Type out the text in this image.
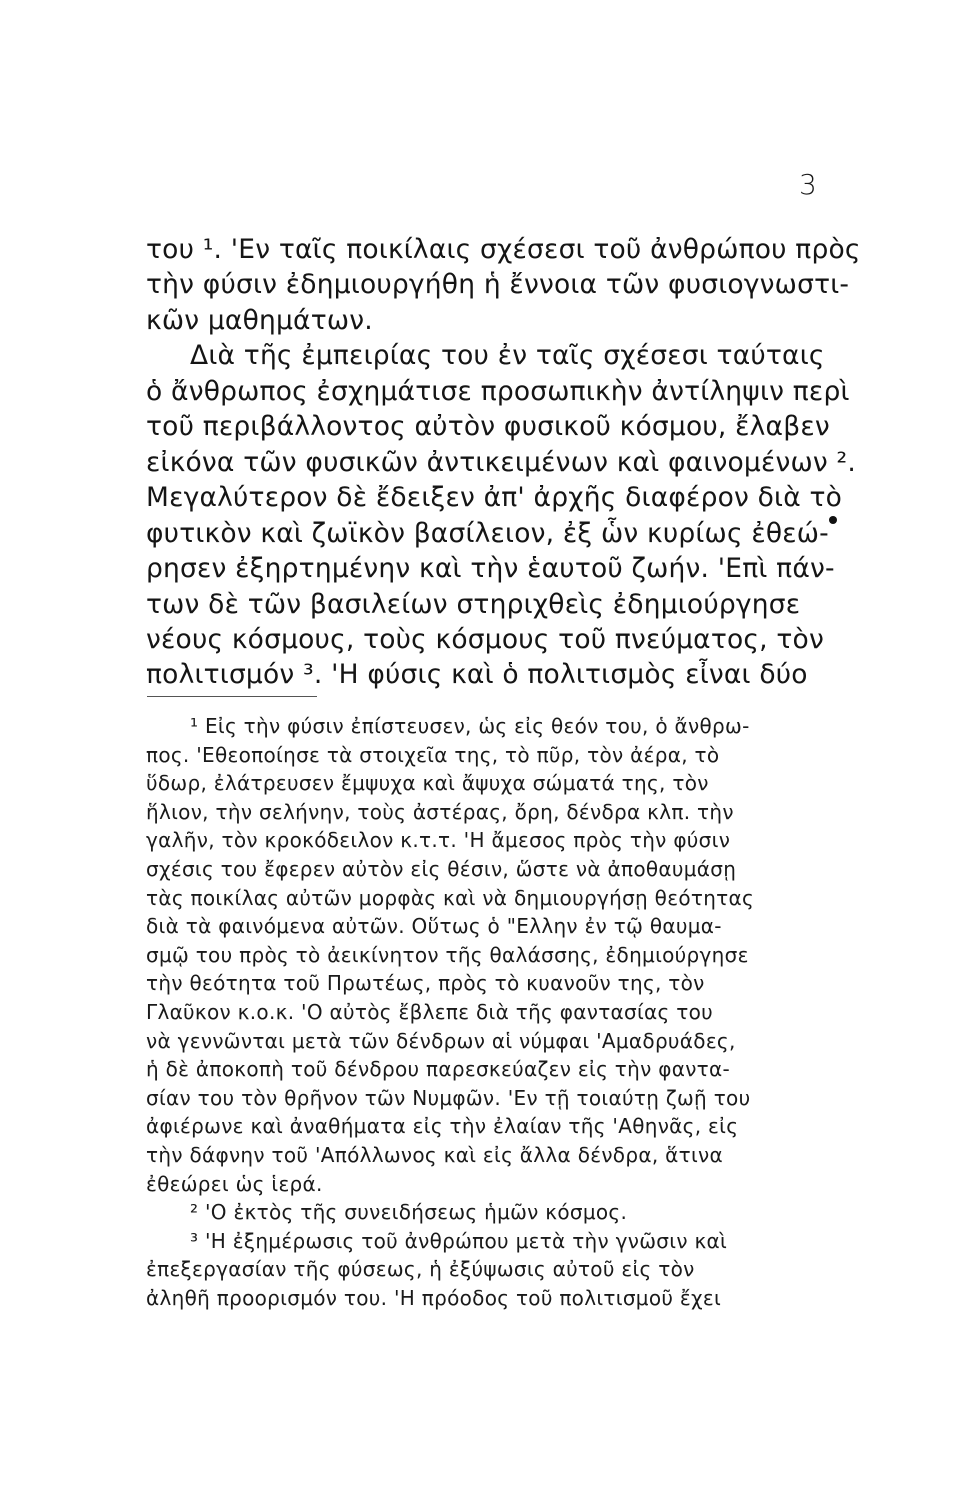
3
του ¹. 'Εν ταῖς ποικίλαις σχέσεσι τοῦ ἀνθρώπου πρὸς
τὴν φύσιν ἐδημιουργήθη ἡ ἔννοια τῶν φυσιογνωστι-
κῶν μαθημάτων.
Διὰ τῆς ἐμπειρίας του ἐν ταῖς σχέσεσι ταύταις
ὁ ἄνθρωπος ἐσχημάτισε προσωπικὴν ἀντίληψιν περὶ
τοῦ περιβάλλοντος αὐτὸν φυσικοῦ κόσμου, ἔλαβεν
εἰκόνα τῶν φυσικῶν ἀντικειμένων καὶ φαινομένων ².
Μεγαλύτερον δὲ ἔδειξεν ἀπ' ἀρχῆς διαφέρον διὰ τὸ
φυτικὸν καὶ ζωϊκὸν βασίλειον, ἐξ ὧν κυρίως ἐθεώ-
ρησεν ἐξηρτημένην καὶ τὴν ἑαυτοῦ ζωήν. 'Επὶ πάν-
των δὲ τῶν βασιλείων στηριχθεὶς ἐδημιούργησε
νέους κόσμους, τοὺς κόσμους τοῦ πνεύματος, τὸν
πολιτισμόν ³. 'Η φύσις καὶ ὁ πολιτισμὸς εἶναι δύο
¹ Εἰς τὴν φύσιν ἐπίστευσεν, ὡς εἰς θεόν του, ὁ ἄνθρω-
πος. 'Εθεοποίησε τὰ στοιχεῖα της, τὸ πῦρ, τὸν ἀέρα, τὸ
ὕδωρ, ἐλάτρευσεν ἔμψυχα καὶ ἄψυχα σώματά της, τὸν
ἥλιον, τὴν σελήνην, τοὺς ἀστέρας, ὄρη, δένδρα κλπ. τὴν
γαλῆν, τὸν κροκόδειλον κ.τ.τ. 'Η ἄμεσος πρὸς τὴν φύσιν
σχέσις του ἔφερεν αὐτὸν εἰς θέσιν, ὥστε νὰ ἀποθαυμάσῃ
τὰς ποικίλας αὐτῶν μορφὰς καὶ νὰ δημιουργήσῃ θεότητας
διὰ τὰ φαινόμενα αὐτῶν. Οὕτως ὁ "Ελλην ἐν τῷ θαυμα-
σμῷ του πρὸς τὸ ἀεικίνητον τῆς θαλάσσης, ἐδημιούργησε
τὴν θεότητα τοῦ Πρωτέως, πρὸς τὸ κυανοῦν της, τὸν
Γλαῦκον κ.ο.κ. 'Ο αὐτὸς ἔβλεπε διὰ τῆς φαντασίας του
νὰ γεννῶνται μετὰ τῶν δένδρων αἱ νύμφαι 'Αμαδρυάδες,
ἡ δὲ ἀποκοπὴ τοῦ δένδρου παρεσκεύαζεν εἰς τὴν φαντα-
σίαν του τὸν θρῆνον τῶν Νυμφῶν. 'Εν τῇ τοιαύτῃ ζωῇ του
ἀφιέρωνε καὶ ἀναθήματα εἰς τὴν ἐλαίαν τῆς 'Αθηνᾶς, εἰς
τὴν δάφνην τοῦ 'Απόλλωνος καὶ εἰς ἄλλα δένδρα, ἅτινα
ἐθεώρει ὡς ἱερά.
² 'Ο ἐκτὸς τῆς συνειδήσεως ἡμῶν κόσμος.
³ 'Η ἐξημέρωσις τοῦ ἀνθρώπου μετὰ τὴν γνῶσιν καὶ
ἐπεξεργασίαν τῆς φύσεως, ἡ ἐξύψωσις αὐτοῦ εἰς τὸν
ἀληθῆ προορισμόν του. 'Η πρόοδος τοῦ πολιτισμοῦ ἔχει
